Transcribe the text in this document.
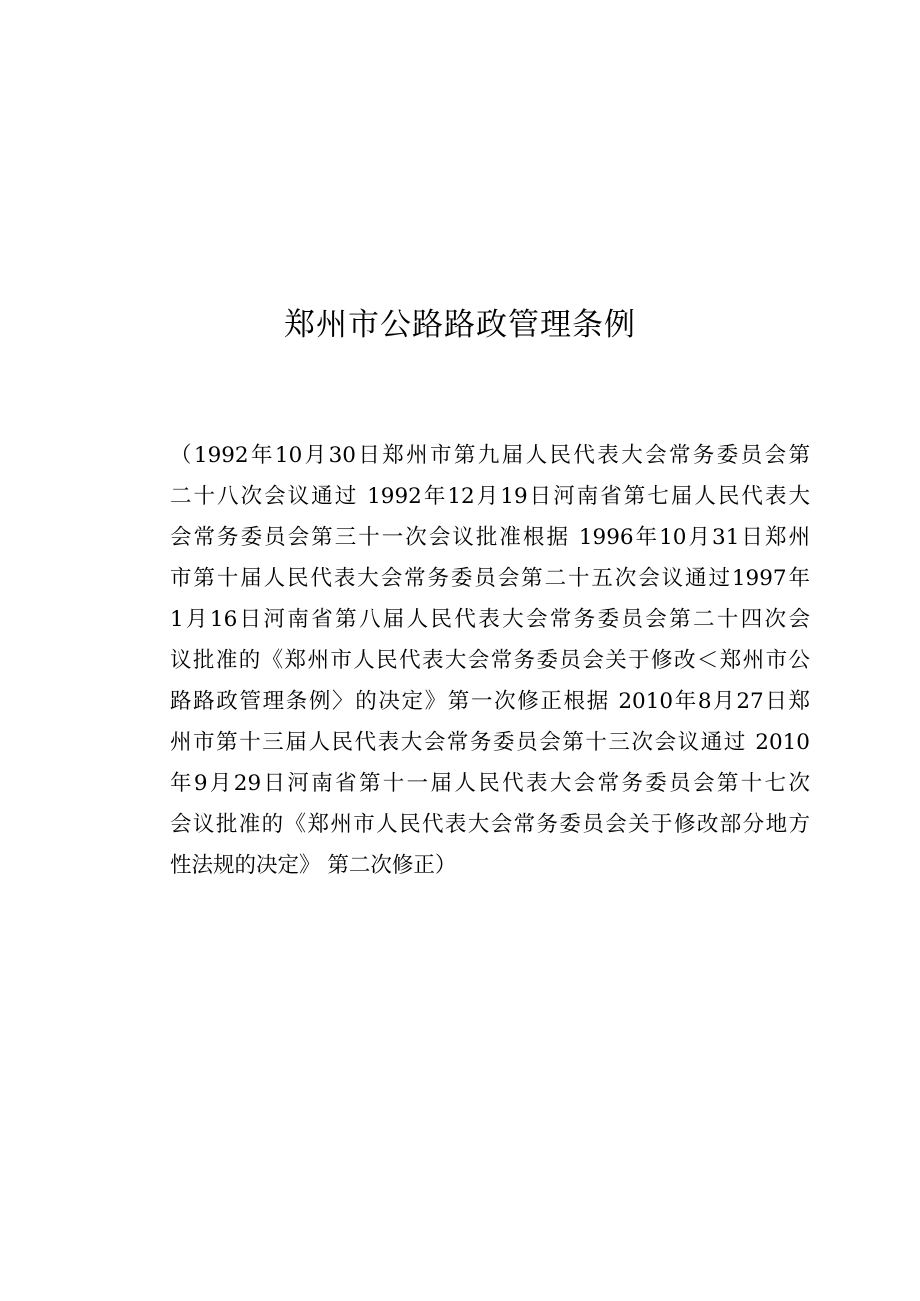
郑州市公路路政管理条例
（1992年10月30日郑州市第九届人民代表大会常务委员会第
二十八次会议通过 1992年12月19日河南省第七届人民代表大
会常务委员会第三十一次会议批准根据 1996年10月31日郑州
市第十届人民代表大会常务委员会第二十五次会议通过1997年
1月16日河南省第八届人民代表大会常务委员会第二十四次会
议批准的《郑州市人民代表大会常务委员会关于修改＜郑州市公
路路政管理条例〉的决定》第一次修正根据 2010年8月27日郑
州市第十三届人民代表大会常务委员会第十三次会议通过 2010
年9月29日河南省第十一届人民代表大会常务委员会第十七次
会议批准的《郑州市人民代表大会常务委员会关于修改部分地方
性法规的决定》 第二次修正）
